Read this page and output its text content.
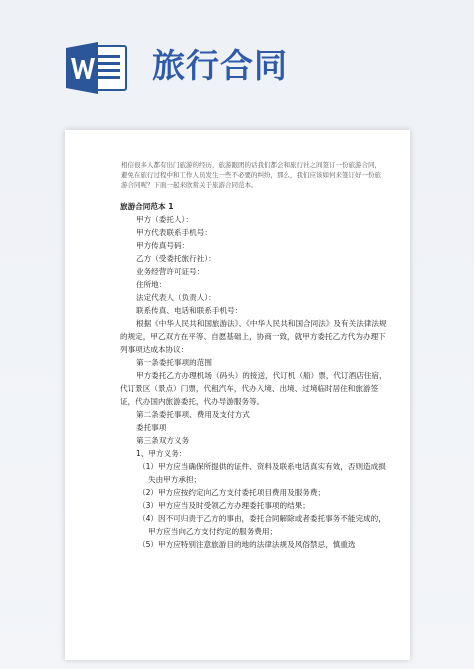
旅行合同
相信很多人都有出门旅游的经历，旅游跟团的话我们都会和旅行社之间签订一份旅游合同，避免在旅行过程中和工作人员发生一些不必要的纠纷，那么，我们应该如何来签订好一份旅游合同呢？下面一起来欣赏关于旅游合同范本。

旅游合同范本 1

甲方（委托人）：

甲方代表联系手机号：

甲方传真号码：

乙方（受委托旅行社）：

业务经营许可证号：

住所地：

法定代表人（负责人）：

联系传真、电话和联系手机号：

根据《中华人民共和国旅游法》、《中华人民共和国合同法》及有关法律法规的规定，甲乙双方在平等、自愿基础上，协商一致，就甲方委托乙方代为办理下列事项达成本协议：

第一条委托事项的范围

甲方委托乙方办理机场（码头）的接送，代订机（船）票，代订酒店住宿，代订景区（景点）门票，代租汽车，代办入境、出境、过境临时居住和旅游签证，代办国内旅游委托，代办导游服务等。

第二条委托事项、费用及支付方式

委托事项

第三条双方义务

1、甲方义务：

（1）甲方应当确保所提供的证件、资料及联系电话真实有效，否则造成损失由甲方承担；

（2）甲方应按约定向乙方支付委托项目费用及服务费；

（3）甲方应当及时受领乙方办理委托事项的结果；

（4）因不可归责于乙方的事由，委托合同解除或者委托事务不能完成的，甲方应当向乙方支付约定的服务费用；

（5）甲方应特别注意旅游目的地的法律法规及风俗禁忌，慎重选
